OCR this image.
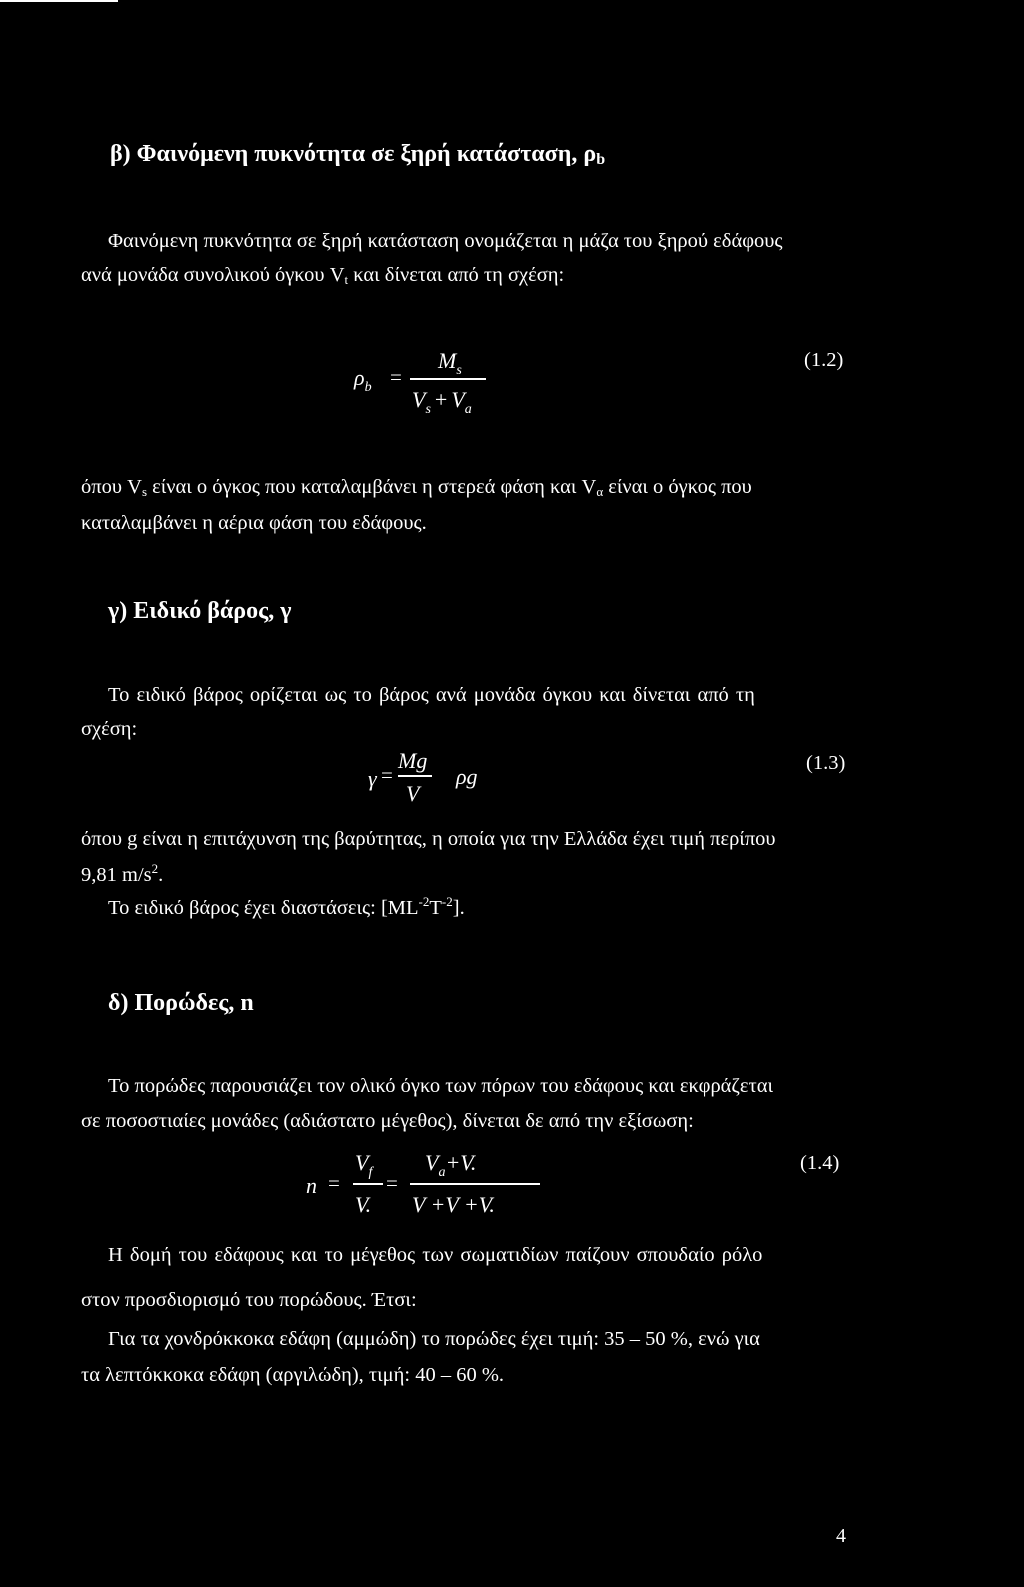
β) Φαινόμενη πυκνότητα σε ξηρή κατάσταση, $\rho_b$
Φαινόμενη πυκνότητα σε ξηρή κατάσταση ονομάζεται η μάζα του ξηρού εδάφους
ανά μονάδα συνολικού όγκου $V_t$ και δίνεται από τη σχέση:
$\rho_b$ =
$M_s$
$V_s + V_a$
(1.2)
όπου $V_s$ είναι ο όγκος που καταλαμβάνει η στερεά φάση και $V_\alpha$ είναι ο όγκος που
καταλαμβάνει η αέρια φάση του εδάφους.
γ) Ειδικό βάρος, γ
Το ειδικό βάρος ορίζεται ως το βάρος ανά μονάδα όγκου και δίνεται από τη
σχέση:
γ =
Mg
V
ρg
(1.3)
όπου g είναι η επιτάχυνση της βαρύτητας, η οποία για την Ελλάδα έχει τιμή περίπου
9,81 $m/s^2$.
Το ειδικό βάρος έχει διαστάσεις: $[ML^{-2}T^{-2}]$.
δ) Πορώδες, n
Το πορώδες παρουσιάζει τον ολικό όγκο των πόρων του εδάφους και εκφράζεται
σε ποσοστιαίες μονάδες (αδιάστατο μέγεθος), δίνεται δε από την εξίσωση:
n =
$V_f$
V.
=
$V_a+V$.
V +V +V.
(1.4)
Η δομή του εδάφους και το μέγεθος των σωματιδίων παίζουν σπουδαίο ρόλο
στον προσδιορισμό του πορώδους. Έτσι:
Για τα χονδρόκκοκα εδάφη (αμμώδη) το πορώδες έχει τιμή: 35 – 50 %, ενώ για
τα λεπτόκκοκα εδάφη (αργιλώδη), τιμή: 40 – 60 %.
4
